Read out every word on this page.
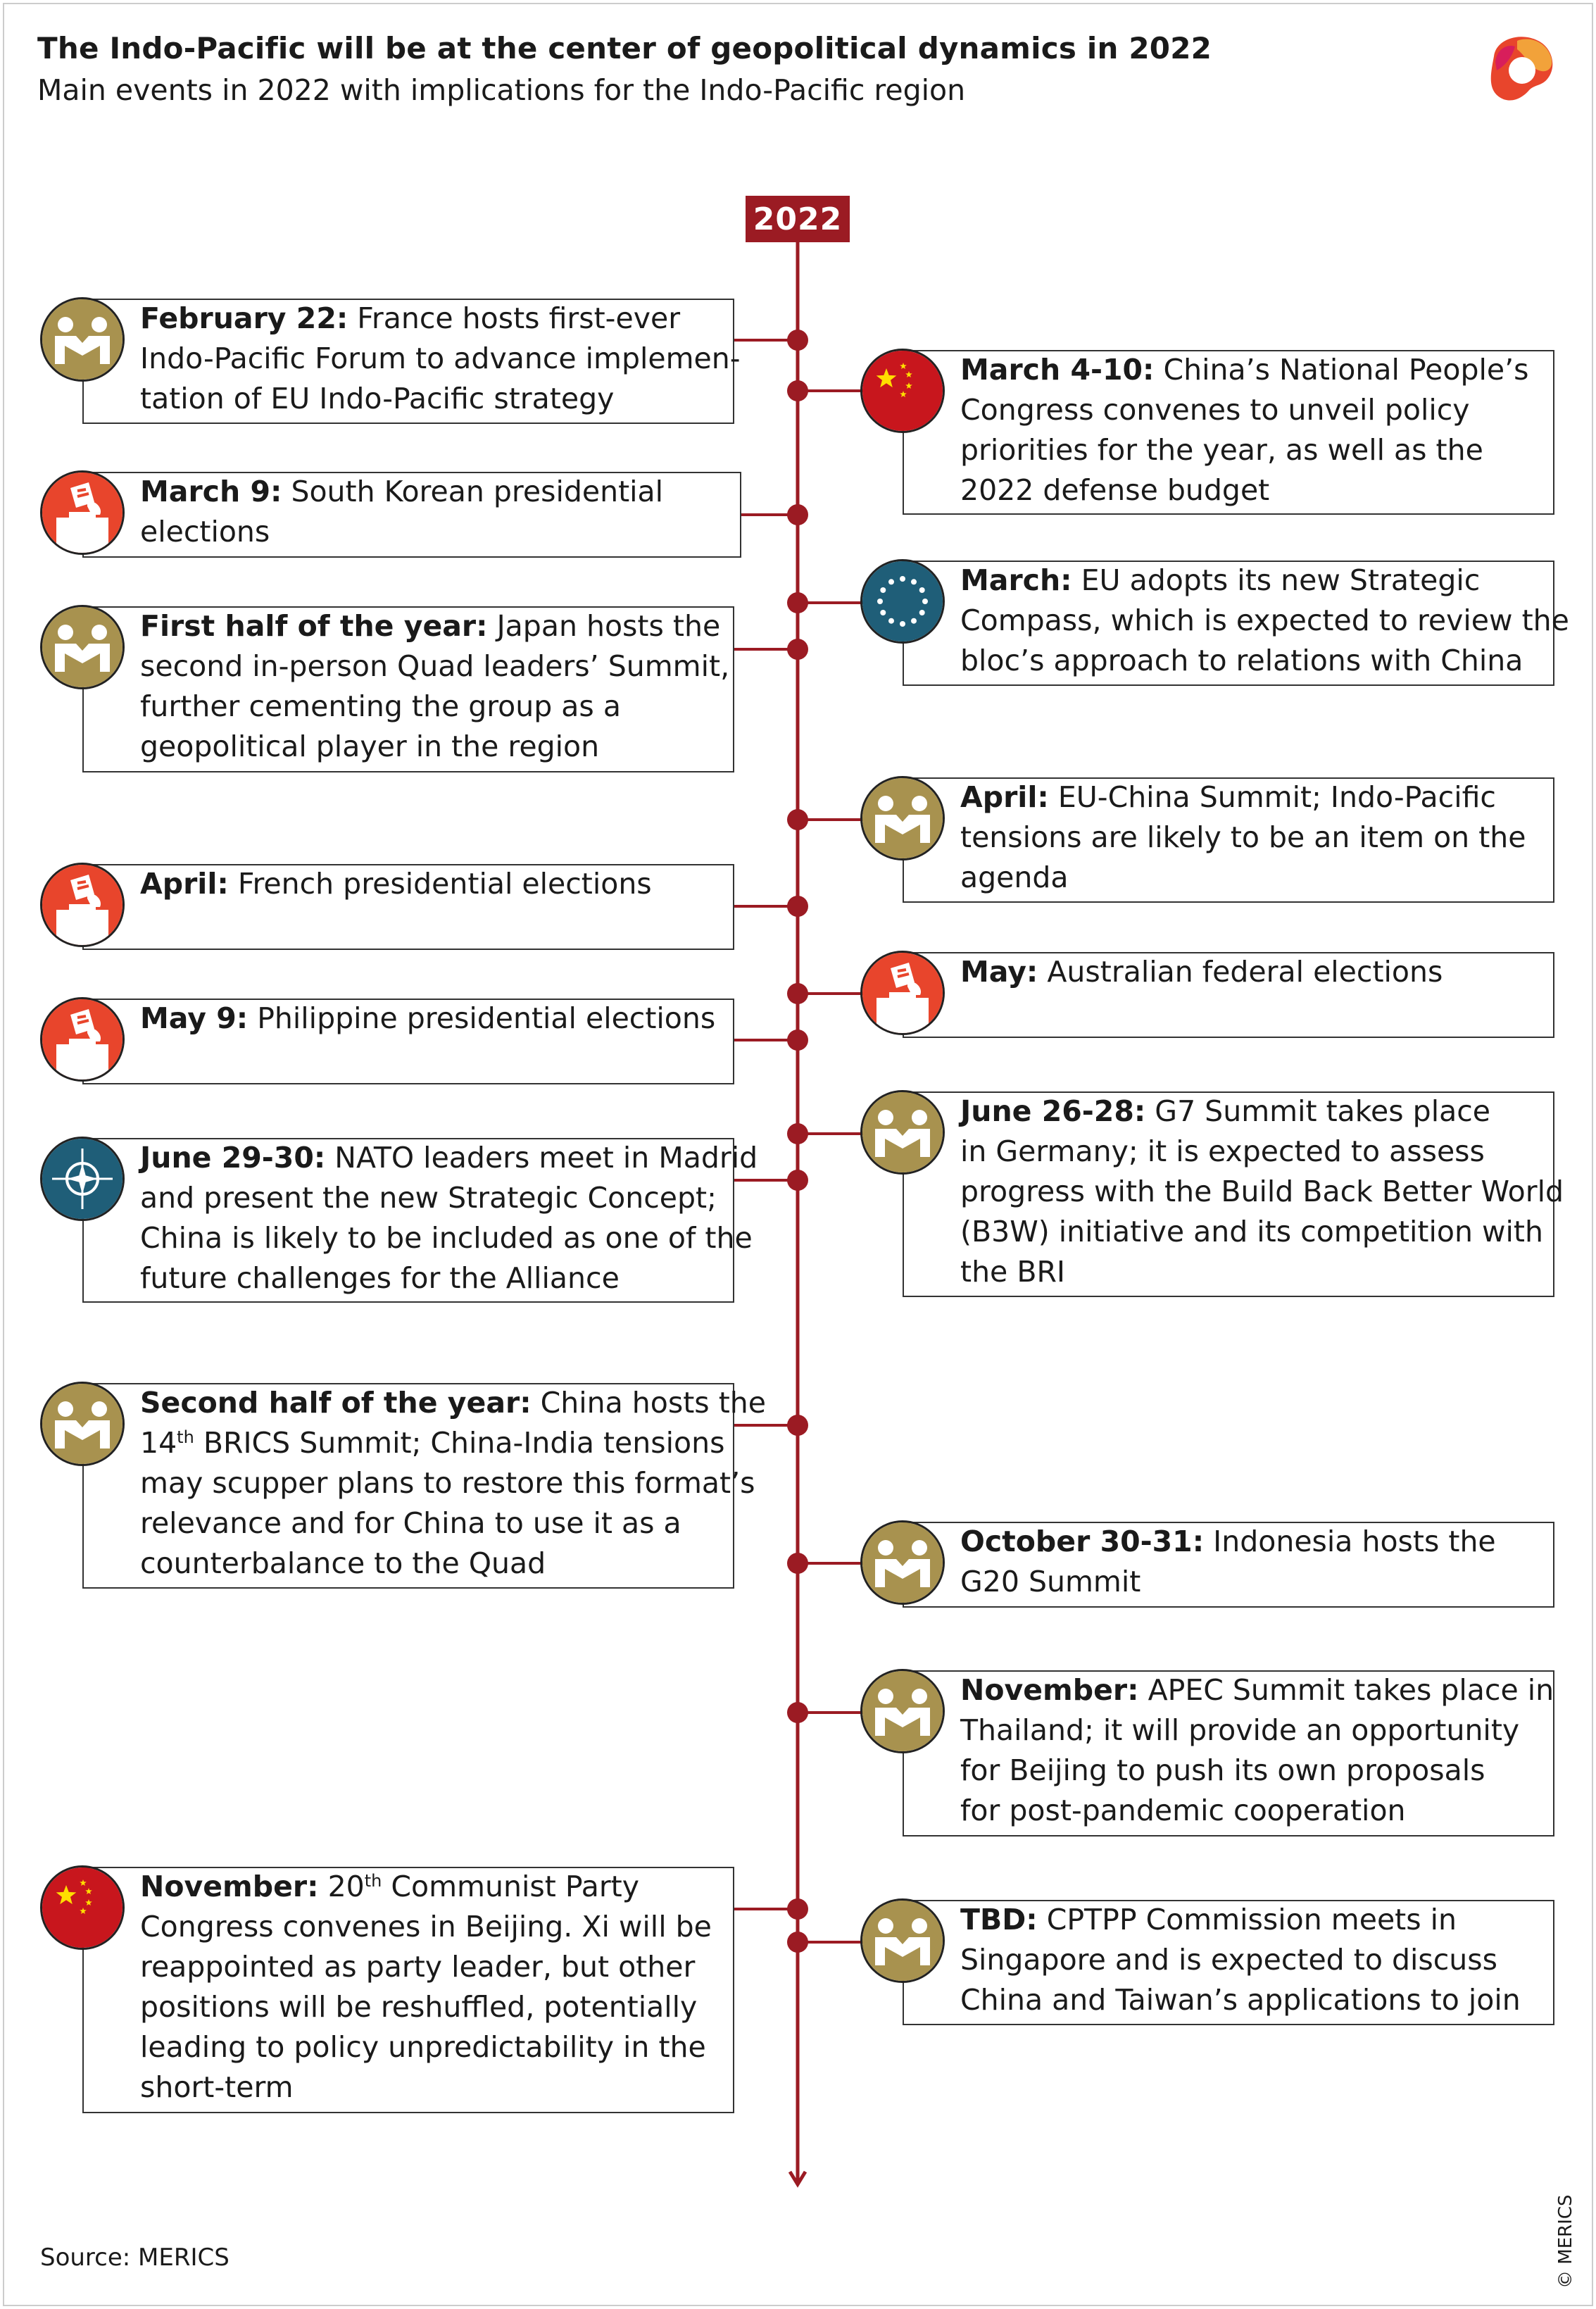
The Indo-Pacific will be at the center of geopolitical dynamics in 2022
Main events in 2022 with implications for the Indo-Pacific region
2022
February 22: France hosts first-ever
Indo-Pacific Forum to advance implemen-
tation of EU Indo-Pacific strategy
March 4-10: China’s National People’s
Congress convenes to unveil policy
priorities for the year, as well as the
2022 defense budget
March 9: South Korean presidential
elections
March: EU adopts its new Strategic
Compass, which is expected to review the
bloc’s approach to relations with China
First half of the year: Japan hosts the
second in-person Quad leaders’ Summit,
further cementing the group as a
geopolitical player in the region
April: EU-China Summit; Indo-Pacific
tensions are likely to be an item on the
agenda
April: French presidential elections
May: Australian federal elections
May 9: Philippine presidential elections
June 26-28: G7 Summit takes place
in Germany; it is expected to assess
progress with the Build Back Better World
(B3W) initiative and its competition with
the BRI
June 29-30: NATO leaders meet in Madrid
and present the new Strategic Concept;
China is likely to be included as one of the
future challenges for the Alliance
Second half of the year: China hosts the
14th BRICS Summit; China-India tensions
may scupper plans to restore this format’s
relevance and for China to use it as a
counterbalance to the Quad
October 30-31: Indonesia hosts the
G20 Summit
November: APEC Summit takes place in
Thailand; it will provide an opportunity
for Beijing to push its own proposals
for post-pandemic cooperation
November: 20th Communist Party
Congress convenes in Beijing. Xi will be
reappointed as party leader, but other
positions will be reshuffled, potentially
leading to policy unpredictability in the
short-term
TBD: CPTPP Commission meets in
Singapore and is expected to discuss
China and Taiwan’s applications to join
Source: MERICS	© MERICS
